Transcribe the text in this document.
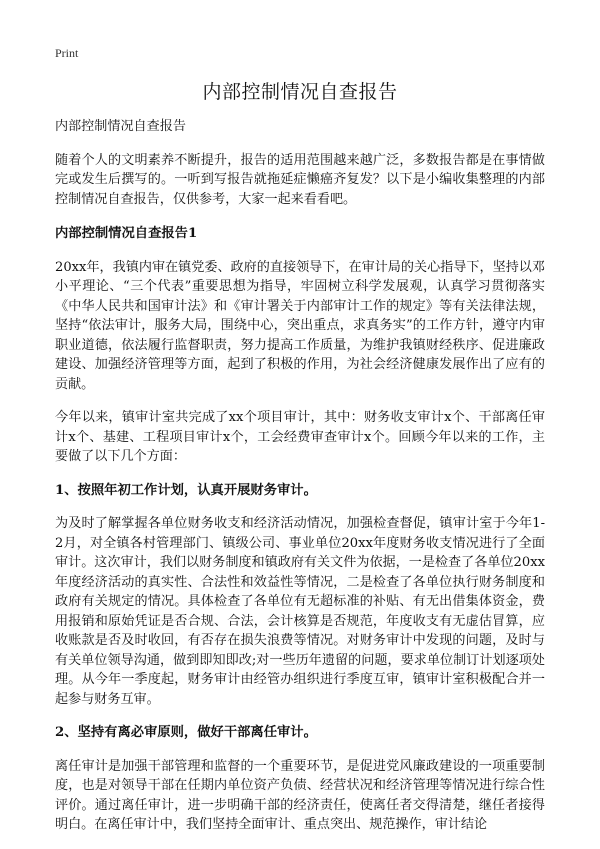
Print
内部控制情况自查报告

内部控制情况自查报告

随着个人的文明素养不断提升，报告的适用范围越来越广泛，多数报告都是在事情做完或发生后撰写的。一听到写报告就拖延症懒癌齐复发？以下是小编收集整理的内部控制情况自查报告，仅供参考，大家一起来看看吧。

内部控制情况自查报告1

20xx年，我镇内审在镇党委、政府的直接领导下，在审计局的关心指导下，坚持以邓小平理论、“三个代表”重要思想为指导，牢固树立科学发展观，认真学习贯彻落实《中华人民共和国审计法》和《审计署关于内部审计工作的规定》等有关法律法规，坚持“依法审计，服务大局，围绕中心，突出重点，求真务实”的工作方针，遵守内审职业道德，依法履行监督职责，努力提高工作质量，为维护我镇财经秩序、促进廉政建设、加强经济管理等方面，起到了积极的作用，为社会经济健康发展作出了应有的贡献。

今年以来，镇审计室共完成了xx个项目审计，其中：财务收支审计x个、干部离任审计x个、基建、工程项目审计x个，工会经费审查审计x个。回顾今年以来的工作，主要做了以下几个方面：

1、按照年初工作计划，认真开展财务审计。

为及时了解掌握各单位财务收支和经济活动情况，加强检查督促，镇审计室于今年1-2月，对全镇各村管理部门、镇级公司、事业单位20xx年度财务收支情况进行了全面审计。这次审计，我们以财务制度和镇政府有关文件为依据，一是检查了各单位20xx年度经济活动的真实性、合法性和效益性等情况，二是检查了各单位执行财务制度和政府有关规定的情况。具体检查了各单位有无超标准的补贴、有无出借集体资金，费用报销和原始凭证是否合规、合法，会计核算是否规范，年度收支有无虚估冒算，应收账款是否及时收回，有否存在损失浪费等情况。对财务审计中发现的问题，及时与有关单位领导沟通，做到即知即改;对一些历年遗留的问题，要求单位制订计划逐项处理。从今年一季度起，财务审计由经管办组织进行季度互审，镇审计室积极配合并一起参与财务互审。

2、坚持有离必审原则，做好干部离任审计。

离任审计是加强干部管理和监督的一个重要环节，是促进党风廉政建设的一项重要制度，也是对领导干部在任期内单位资产负债、经营状况和经济管理等情况进行综合性评价。通过离任审计，进一步明确干部的经济责任，使离任者交得清楚，继任者接得明白。在离任审计中，我们坚持全面审计、重点突出、规范操作，审计结论
